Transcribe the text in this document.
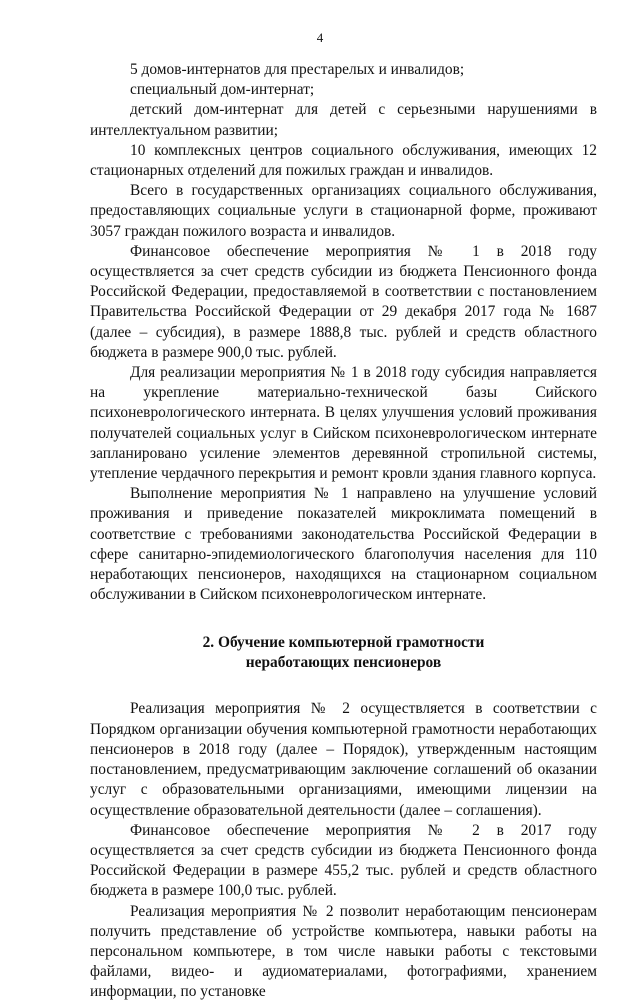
4

5 домов-интернатов для престарелых и инвалидов;

специальный дом-интернат;

детский дом-интернат для детей с серьезными нарушениями в интеллектуальном развитии;

10 комплексных центров социального обслуживания, имеющих 12 стационарных отделений для пожилых граждан и инвалидов.

Всего в государственных организациях социального обслуживания, предоставляющих социальные услуги в стационарной форме, проживают 3057 граждан пожилого возраста и инвалидов.

Финансовое обеспечение мероприятия № 1 в 2018 году осуществляется за счет средств субсидии из бюджета Пенсионного фонда Российской Федерации, предоставляемой в соответствии с постановлением Правительства Российской Федерации от 29 декабря 2017 года № 1687 (далее – субсидия), в размере 1888,8 тыс. рублей и средств областного бюджета в размере 900,0 тыс. рублей.

Для реализации мероприятия № 1 в 2018 году субсидия направляется на укрепление материально-технической базы Сийского психоневрологического интерната. В целях улучшения условий проживания получателей социальных услуг в Сийском психоневрологическом интернате запланировано усиление элементов деревянной стропильной системы, утепление чердачного перекрытия и ремонт кровли здания главного корпуса.

Выполнение мероприятия № 1 направлено на улучшение условий проживания и приведение показателей микроклимата помещений в соответствие с требованиями законодательства Российской Федерации в сфере санитарно-эпидемиологического благополучия населения для 110 неработающих пенсионеров, находящихся на стационарном социальном обслуживании в Сийском психоневрологическом интернате.

2. Обучение компьютерной грамотности
неработающих пенсионеров

Реализация мероприятия № 2 осуществляется в соответствии с Порядком организации обучения компьютерной грамотности неработающих пенсионеров в 2018 году (далее – Порядок), утвержденным настоящим постановлением, предусматривающим заключение соглашений об оказании услуг с образовательными организациями, имеющими лицензии на осуществление образовательной деятельности (далее – соглашения).

Финансовое обеспечение мероприятия № 2 в 2017 году осуществляется за счет средств субсидии из бюджета Пенсионного фонда Российской Федерации в размере 455,2 тыс. рублей и средств областного бюджета в размере 100,0 тыс. рублей.

Реализация мероприятия № 2 позволит неработающим пенсионерам получить представление об устройстве компьютера, навыки работы на персональном компьютере, в том числе навыки работы с текстовыми файлами, видео- и аудиоматериалами, фотографиями, хранением информации, по установке
